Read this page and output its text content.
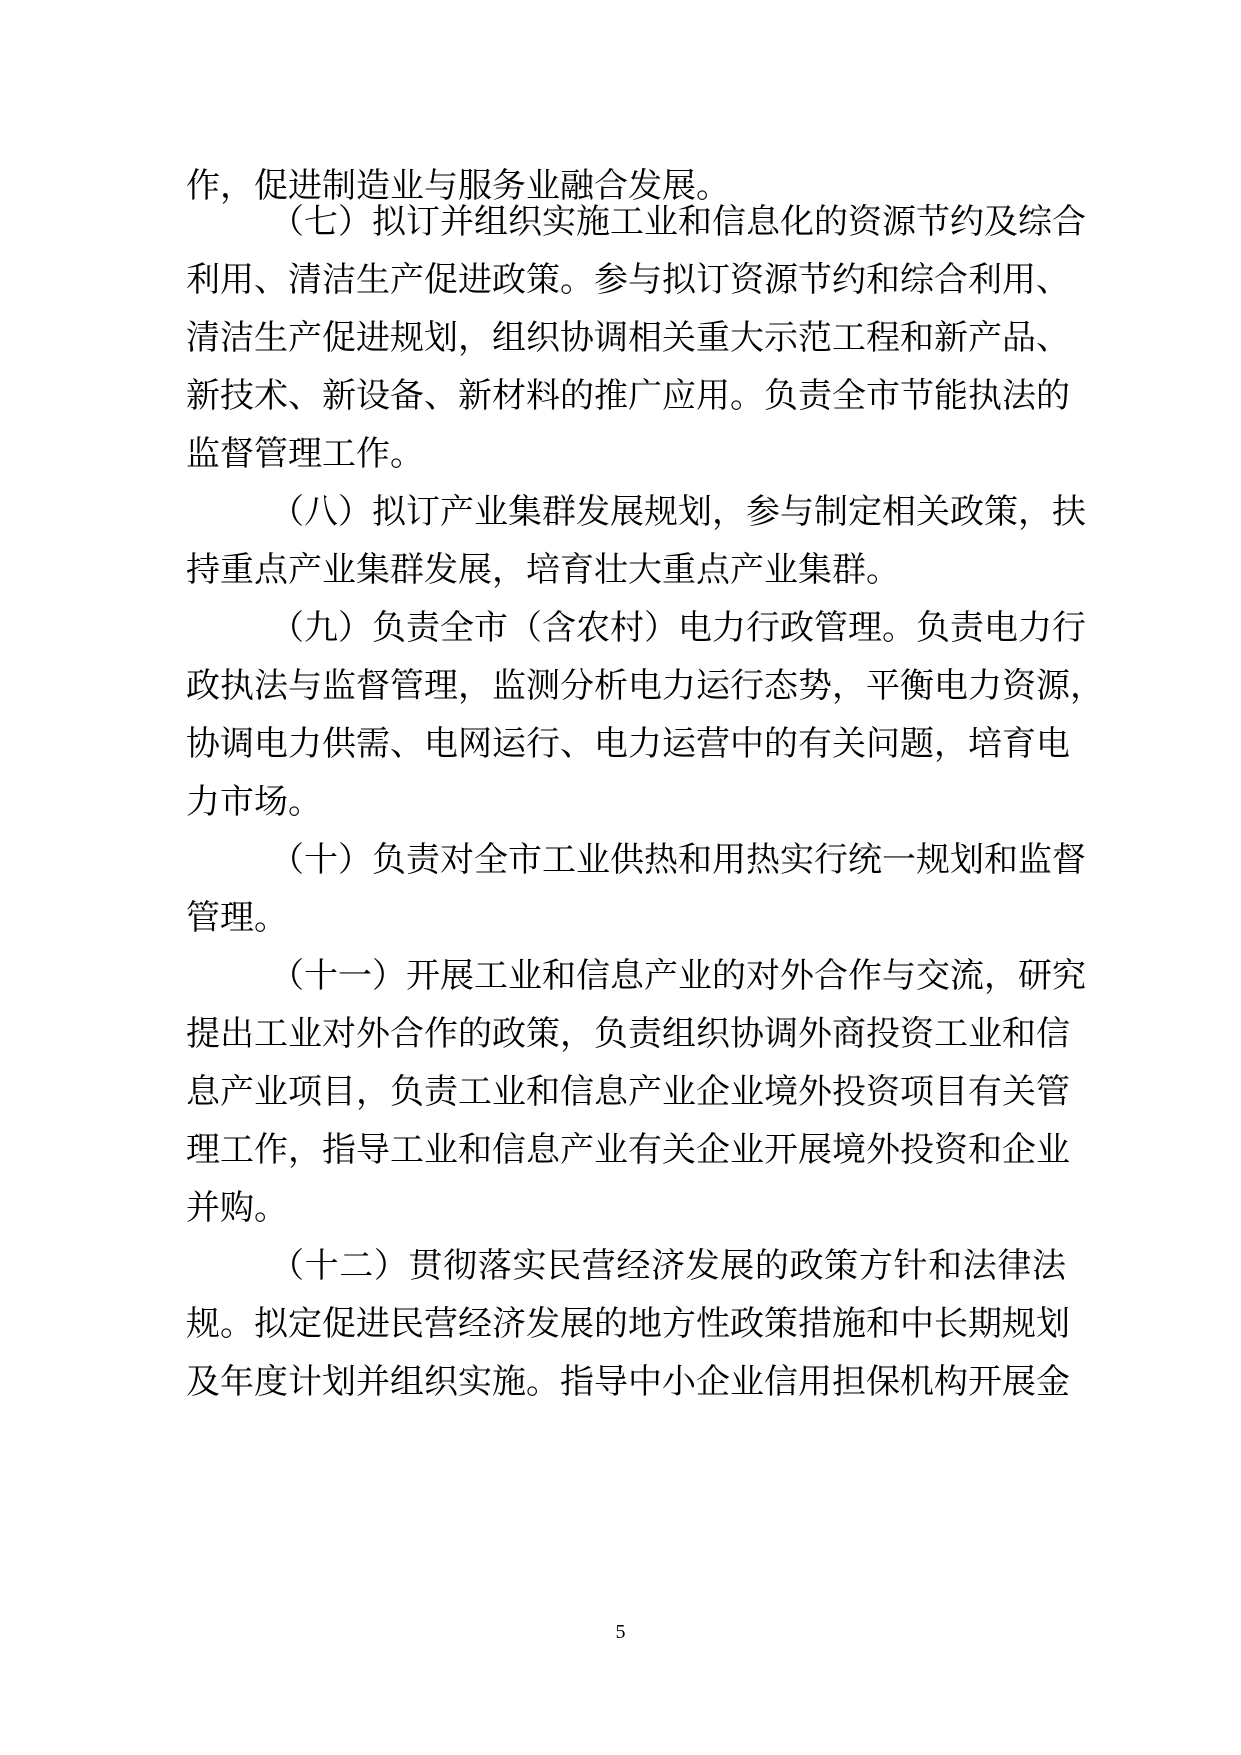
作，促进制造业与服务业融合发展。
（七）拟订并组织实施工业和信息化的资源节约及综合
利用、清洁生产促进政策。参与拟订资源节约和综合利用、
清洁生产促进规划，组织协调相关重大示范工程和新产品、
新技术、新设备、新材料的推广应用。负责全市节能执法的
监督管理工作。
（八）拟订产业集群发展规划，参与制定相关政策，扶
持重点产业集群发展，培育壮大重点产业集群。
（九）负责全市（含农村）电力行政管理。负责电力行
政执法与监督管理，监测分析电力运行态势，平衡电力资源，
协调电力供需、电网运行、电力运营中的有关问题，培育电
力市场。
（十）负责对全市工业供热和用热实行统一规划和监督
管理。
（十一）开展工业和信息产业的对外合作与交流，研究
提出工业对外合作的政策，负责组织协调外商投资工业和信
息产业项目，负责工业和信息产业企业境外投资项目有关管
理工作，指导工业和信息产业有关企业开展境外投资和企业
并购。
（十二）贯彻落实民营经济发展的政策方针和法律法
规。拟定促进民营经济发展的地方性政策措施和中长期规划
及年度计划并组织实施。指导中小企业信用担保机构开展金
5
